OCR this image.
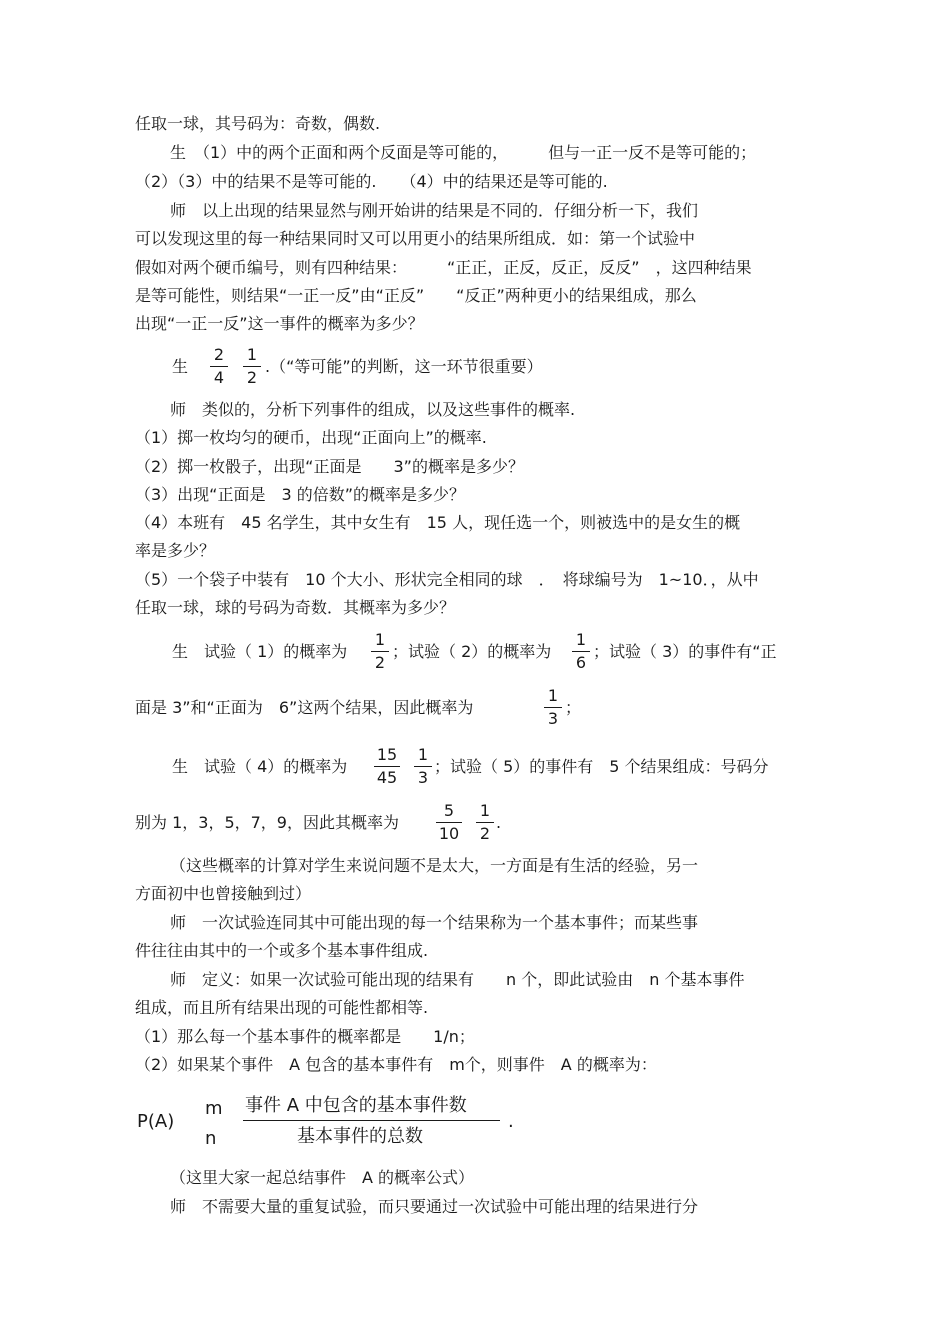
任取一球，其号码为：奇数，偶数.
生　（1）中的两个正面和两个反面是等可能的，　　　但与一正一反不是等可能的；
（2）（3）中的结果不是等可能的.　　（4）中的结果还是等可能的.
师　以上出现的结果显然与刚开始讲的结果是不同的．仔细分析一下，我们
可以发现这里的每一种结果同时又可以用更小的结果所组成．如：第一个试验中
假如对两个硬币编号，则有四种结果：　　　“正正，正反，反正，反反”　，这四种结果
是等可能性，则结果“一正一反”由“正反”　　“反正”两种更小的结果组成，那么
出现“一正一反”这一事件的概率为多少？
生
2
4
1
2
.（“等可能”的判断，这一环节很重要）
师　类似的，分析下列事件的组成，以及这些事件的概率.
（1）掷一枚均匀的硬币，出现“正面向上”的概率.
（2）掷一枚骰子，出现“正面是　　3”的概率是多少？
（3）出现“正面是　3 的倍数”的概率是多少？
（4）本班有　45 名学生，其中女生有　15 人，现任选一个，则被选中的是女生的概
率是多少？
（5）一个袋子中装有　10 个大小、形状完全相同的球　．　将球编号为　1~10．，从中
任取一球，球的号码为奇数．其概率为多少？
生　试验（ 1）的概率为
1
2
；试验（ 2）的概率为
1
6
；试验（ 3）的事件有“正
面是 3”和“正面为　6”这两个结果，因此概率为
1
3
；
生　试验（ 4）的概率为
15
45
1
3
；试验（ 5）的事件有　5 个结果组成：号码分
别为 1，3，5，7，9，因此其概率为
5
10
1
2
.
（这些概率的计算对学生来说问题不是太大，一方面是有生活的经验，另一
方面初中也曾接触到过）
师　一次试验连同其中可能出现的每一个结果称为一个基本事件；而某些事
件往往由其中的一个或多个基本事件组成.
师　定义：如果一次试验可能出现的结果有　　n 个，即此试验由　n 个基本事件
组成，而且所有结果出现的可能性都相等.
（1）那么每一个基本事件的概率都是　　1/n；
（2）如果某个事件　A 包含的基本事件有　m个，则事件　A 的概率为：
P(A)
m
n
事件 A 中包含的基本事件数
基本事件的总数
.
（这里大家一起总结事件　A 的概率公式）
师　不需要大量的重复试验，而只要通过一次试验中可能出理的结果进行分
